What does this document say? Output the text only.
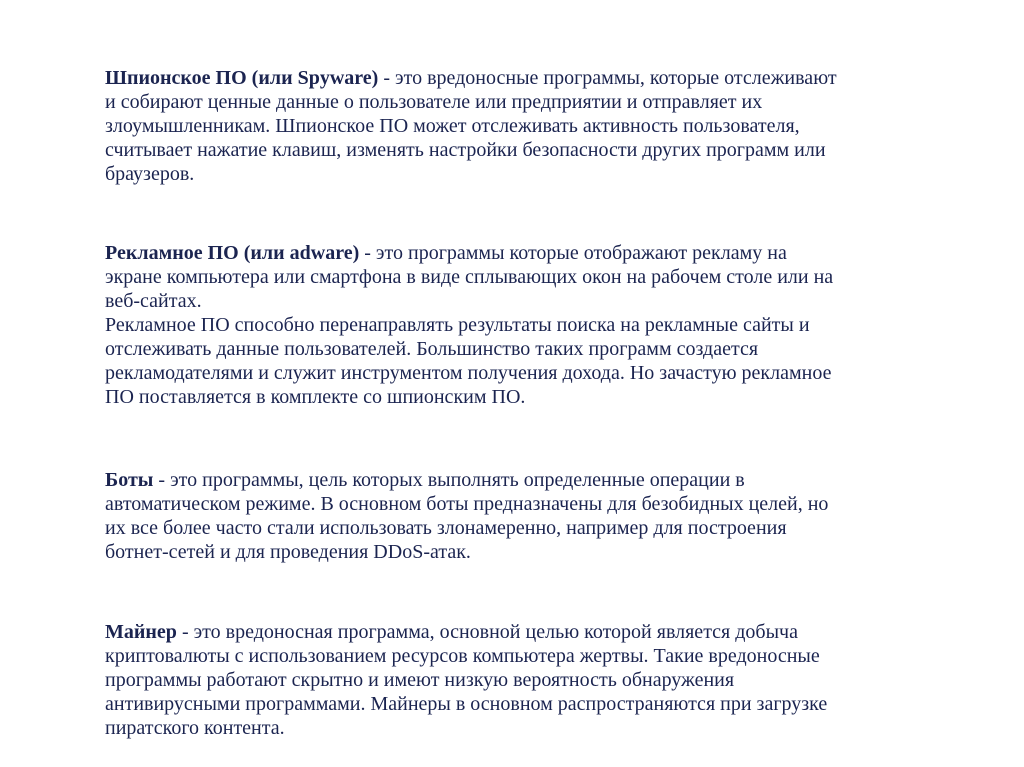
Шпионское ПО (или Spyware) - это вредоносные программы, которые отслеживают
и собирают ценные данные о пользователе или предприятии и отправляет их
злоумышленникам. Шпионское ПО может отслеживать активность пользователя,
считывает нажатие клавиш, изменять настройки безопасности других программ или
браузеров.
Рекламное ПО (или adware) - это программы которые отображают рекламу на
экране компьютера или смартфона в виде сплывающих окон на рабочем столе или на
веб-сайтах.
Рекламное ПО способно перенаправлять результаты поиска на рекламные сайты и
отслеживать данные пользователей. Большинство таких программ создается
рекламодателями и служит инструментом получения дохода. Но зачастую рекламное
ПО поставляется в комплекте со шпионским ПО.
Боты - это программы, цель которых выполнять определенные операции в
автоматическом режиме. В основном боты предназначены для безобидных целей, но
их все более часто стали использовать злонамеренно, например для построения
ботнет-сетей и для проведения DDoS-атак.
Майнер - это вредоносная программа, основной целью которой является добыча
криптовалюты с использованием ресурсов компьютера жертвы. Такие вредоносные
программы работают скрытно и имеют низкую вероятность обнаружения
антивирусными программами. Майнеры в основном распространяются при загрузке
пиратского контента.
